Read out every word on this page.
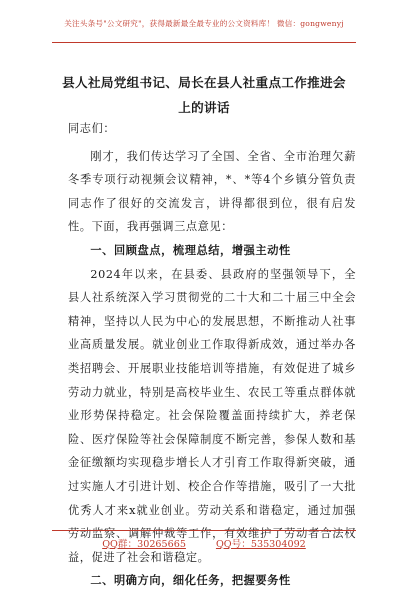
关注头条号"公文研究"，获得最新最全最专业的公文资料库！ 微信：gongwenyj
县人社局党组书记、局长在县人社重点工作推进会上的讲话

同志们：

刚才，我们传达学习了全国、全省、全市治理欠薪冬季专项行动视频会议精神，*、*等4个乡镇分管负责同志作了很好的交流发言，讲得都很到位，很有启发性。下面，我再强调三点意见：

一、回顾盘点，梳理总结，增强主动性

2024年以来，在县委、县政府的坚强领导下，全县人社系统深入学习贯彻党的二十大和二十届三中全会精神，坚持以人民为中心的发展思想，不断推动人社事业高质量发展。就业创业工作取得新成效，通过举办各类招聘会、开展职业技能培训等措施，有效促进了城乡劳动力就业，特别是高校毕业生、农民工等重点群体就业形势保持稳定。社会保险覆盖面持续扩大，养老保险、医疗保险等社会保障制度不断完善，参保人数和基金征缴额均实现稳步增长人才引育工作取得新突破，通过实施人才引进计划、校企合作等措施，吸引了一大批优秀人才来x就业创业。劳动关系和谐稳定，通过加强劳动监察、调解仲裁等工作，有效维护了劳动者合法权益，促进了社会和谐稳定。

二、明确方向，细化任务，把握要务性

QQ群：30265665	QQ号：535304092
